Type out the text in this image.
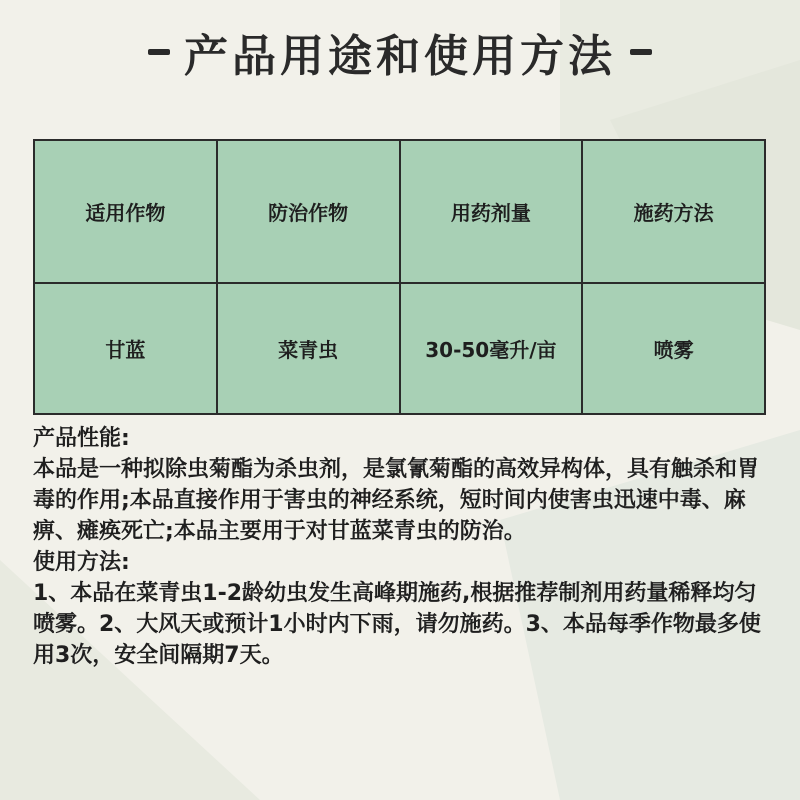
产品用途和使用方法
适用作物	防治作物	用药剂量	施药方法
甘蓝	菜青虫	30-50毫升/亩	喷雾

产品性能:

本品是一种拟除虫菊酯为杀虫剂，是氯氰菊酯的高效异构体，具有触杀和胃毒的作用;本品直接作用于害虫的神经系统，短时间内使害虫迅速中毒、麻痹、瘫痪死亡;本品主要用于对甘蓝菜青虫的防治。

使用方法:

1、本品在菜青虫1-2龄幼虫发生高峰期施药,根据推荐制剂用药量稀释均匀喷雾。2、大风天或预计1小时内下雨，请勿施药。3、本品每季作物最多使用3次，安全间隔期7天。
